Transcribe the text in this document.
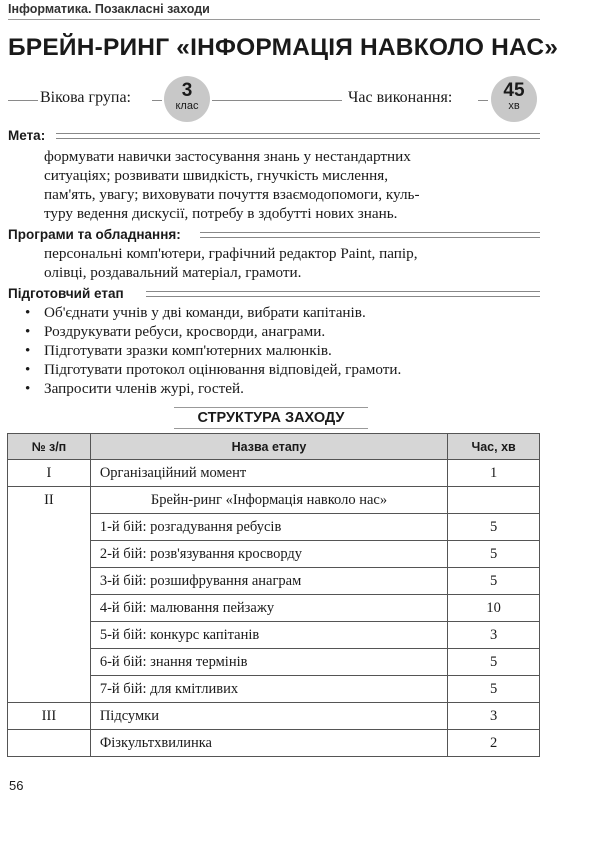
Інформатика. Позакласні заходи
БРЕЙН-РИНГ «ІНФОРМАЦІЯ НАВКОЛО НАС»
Вікова група:	3
клас	Час виконання:	45
хв
Мета:
формувати навички застосування знань у нестандартних
ситуаціях; розвивати швидкість, гнучкість мислення,
пам'ять, увагу; виховувати почуття взаємодопомоги, куль-
туру ведення дискусії, потребу в здобутті нових знань.
Програми та обладнання:
персональні комп'ютери, графічний редактор Paint, папір,
олівці, роздавальний матеріал, грамоти.
Підготовчий етап
• Об'єднати учнів у дві команди, вибрати капітанів.
• Роздрукувати ребуси, кросворди, анаграми.
• Підготувати зразки комп'ютерних малюнків.
• Підготувати протокол оцінювання відповідей, грамоти.
• Запросити членів журі, гостей.
СТРУКТУРА ЗАХОДУ
№ з/п	Назва етапу	Час, хв
I	Організаційний момент	1
II	Брейн-ринг «Інформація навколо нас»	
	1-й бій: розгадування ребусів	5
	2-й бій: розв'язування кросворду	5
	3-й бій: розшифрування анаграм	5
	4-й бій: малювання пейзажу	10
	5-й бій: конкурс капітанів	3
	6-й бій: знання термінів	5
	7-й бій: для кмітливих	5
III	Підсумки	3
	Фізкультхвилинка	2
56
